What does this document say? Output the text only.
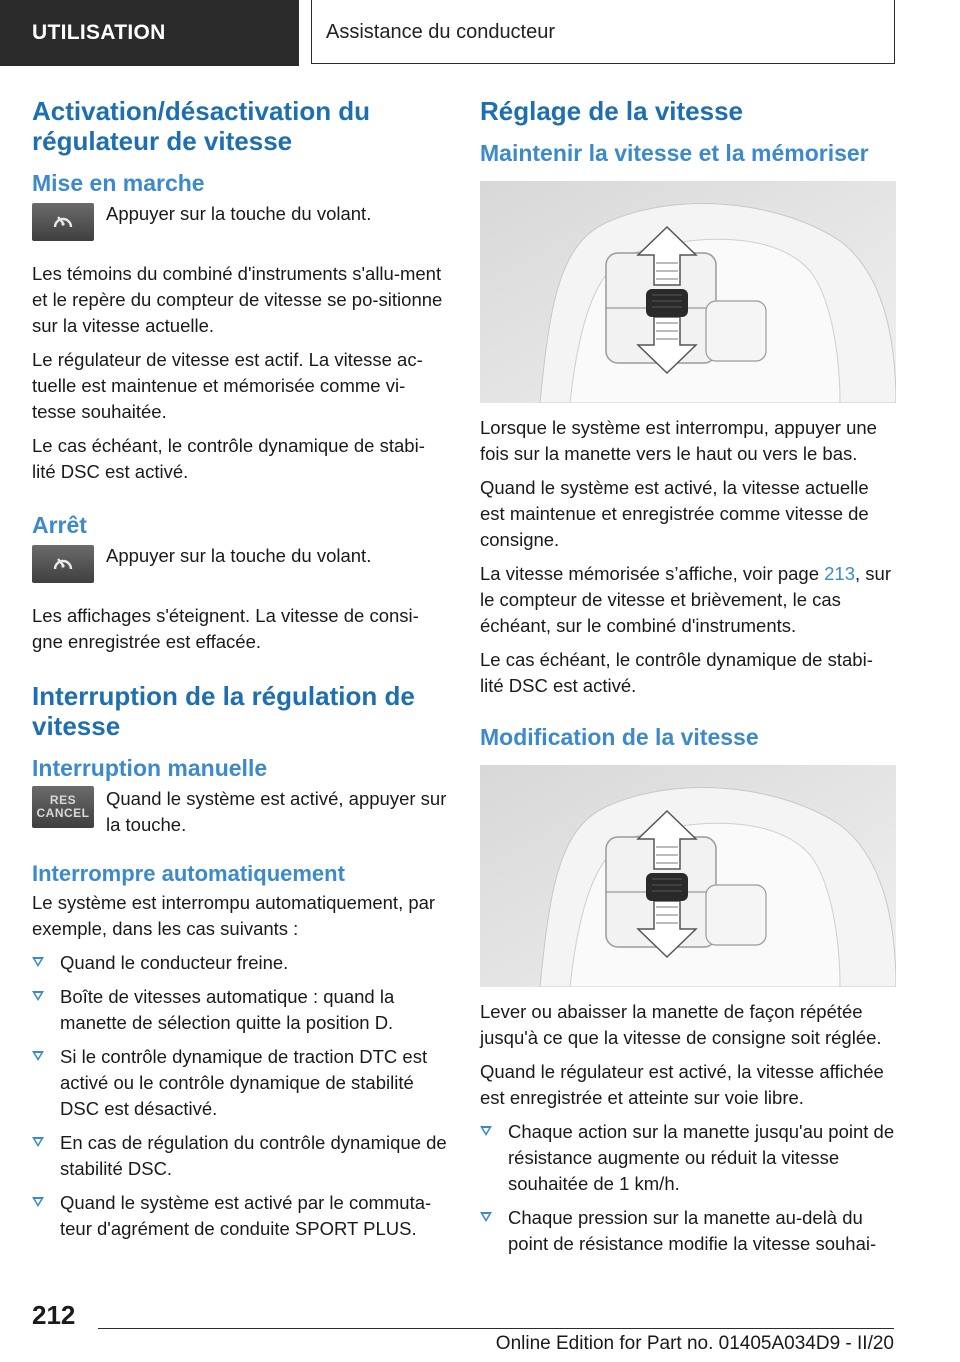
UTILISATION	Assistance du conducteur
Activation/désactivation du régulateur de vitesse
Mise en marche

Appuyer sur la touche du volant.

Les témoins du combiné d'instruments s'allu-ment et le repère du compteur de vitesse se po-sitionne sur la vitesse actuelle.

Le régulateur de vitesse est actif. La vitesse ac-tuelle est maintenue et mémorisée comme vi-tesse souhaitée.

Le cas échéant, le contrôle dynamique de stabi-lité DSC est activé.

Arrêt

Appuyer sur la touche du volant.

Les affichages s'éteignent. La vitesse de consi-gne enregistrée est effacée.

Interruption de la régulation de vitesse
Interruption manuelle
RES
CANCEL

Quand le système est activé, appuyer sur la touche.

Interrompre automatiquement

Le système est interrompu automatiquement, par exemple, dans les cas suivants :

Quand le conducteur freine.
Boîte de vitesses automatique : quand la manette de sélection quitte la position D.
Si le contrôle dynamique de traction DTC est activé ou le contrôle dynamique de stabilité DSC est désactivé.
En cas de régulation du contrôle dynamique de stabilité DSC.
Quand le système est activé par le commuta-teur d'agrément de conduite SPORT PLUS.
Réglage de la vitesse
Maintenir la vitesse et la mémoriser

Lorsque le système est interrompu, appuyer une fois sur la manette vers le haut ou vers le bas.

Quand le système est activé, la vitesse actuelle est maintenue et enregistrée comme vitesse de consigne.

La vitesse mémorisée s’affiche, voir page 213, sur le compteur de vitesse et brièvement, le cas échéant, sur le combiné d'instruments.

Le cas échéant, le contrôle dynamique de stabi-lité DSC est activé.

Modification de la vitesse

Lever ou abaisser la manette de façon répétée jusqu'à ce que la vitesse de consigne soit réglée.

Quand le régulateur est activé, la vitesse affichée est enregistrée et atteinte sur voie libre.

Chaque action sur la manette jusqu'au point de résistance augmente ou réduit la vitesse souhaitée de 1 km/h.
Chaque pression sur la manette au-delà du point de résistance modifie la vitesse souhai-
212
Online Edition for Part no. 01405A034D9 - II/20
